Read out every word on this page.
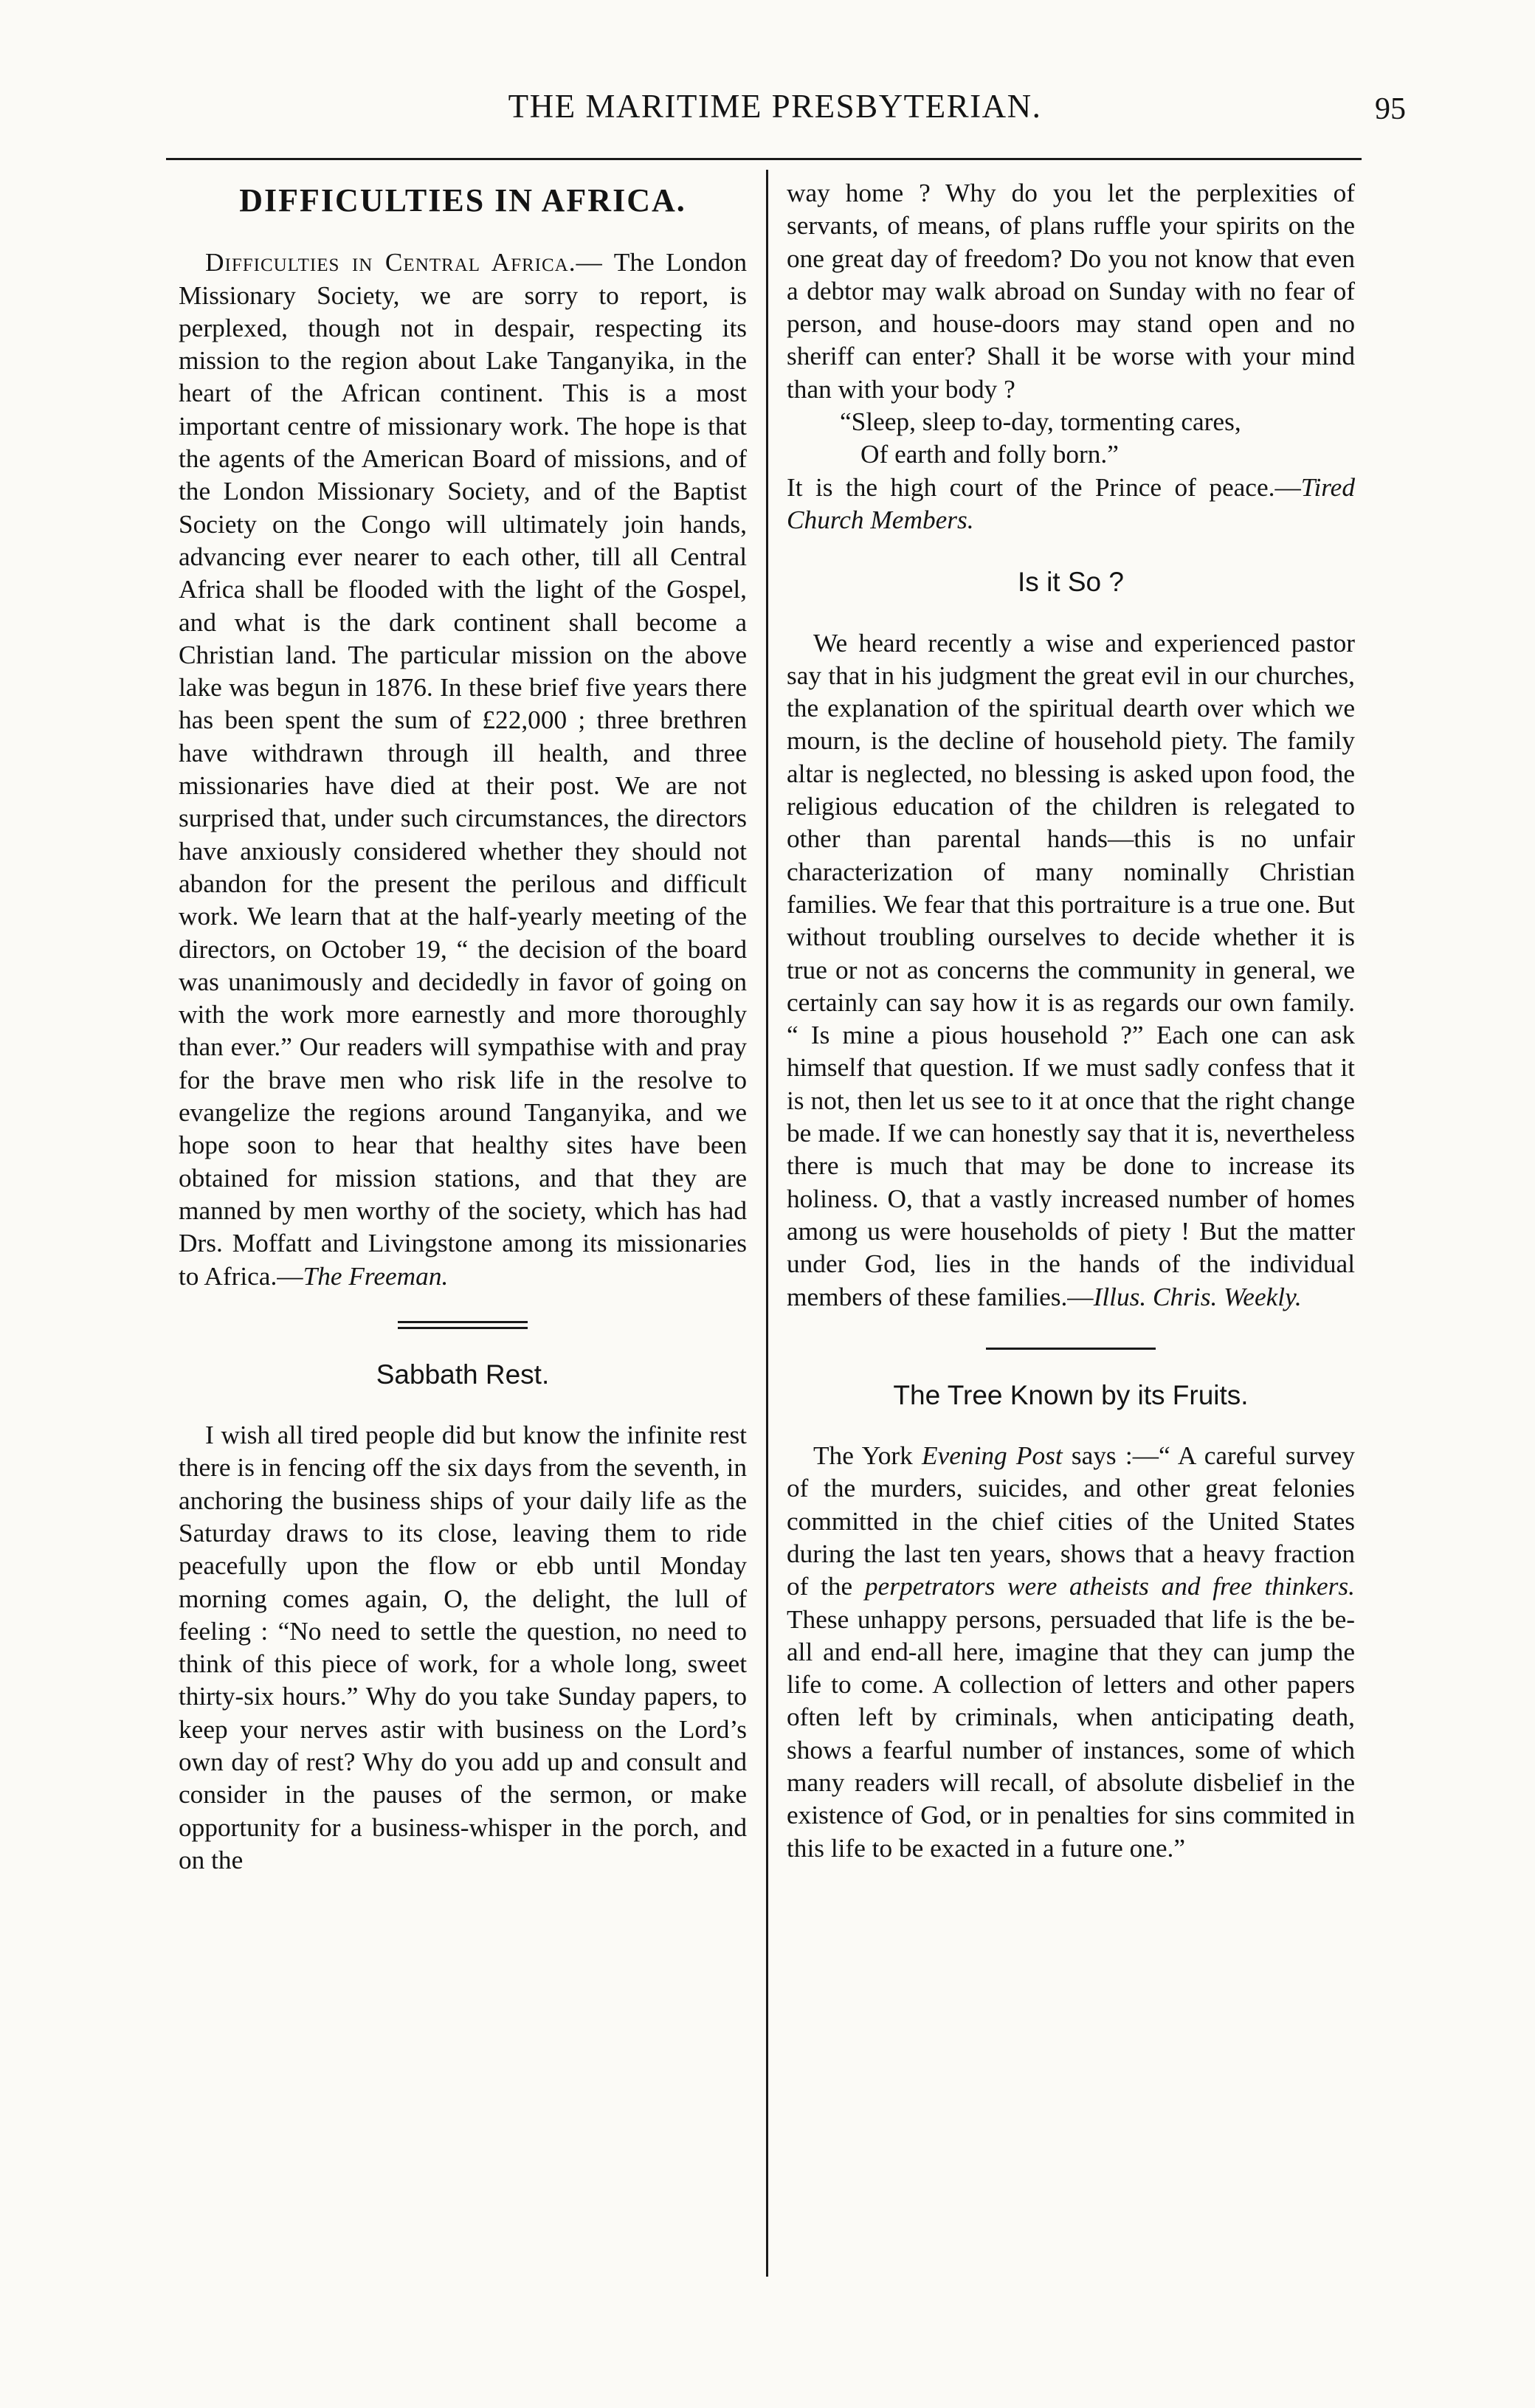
THE MARITIME PRESBYTERIAN.	95
DIFFICULTIES IN AFRICA.

Difficulties in Central Africa.— The London Missionary Society, we are sorry to report, is perplexed, though not in despair, respecting its mission to the region about Lake Tanganyika, in the heart of the African continent. This is a most important centre of missionary work. The hope is that the agents of the American Board of missions, and of the London Missionary Society, and of the Baptist Society on the Congo will ultimately join hands, advancing ever nearer to each other, till all Central Africa shall be flooded with the light of the Gospel, and what is the dark continent shall become a Christian land. The particular mission on the above lake was begun in 1876. In these brief five years there has been spent the sum of £22,000 ; three brethren have withdrawn through ill health, and three missionaries have died at their post. We are not surprised that, under such circumstances, the directors have anxiously considered whether they should not abandon for the present the perilous and difficult work. We learn that at the half-yearly meeting of the directors, on October 19, “ the decision of the board was unanimously and decidedly in favor of going on with the work more earnestly and more thoroughly than ever.” Our readers will sympathise with and pray for the brave men who risk life in the resolve to evangelize the regions around Tanganyika, and we hope soon to hear that healthy sites have been obtained for mission stations, and that they are manned by men worthy of the society, which has had Drs. Moffatt and Livingstone among its missionaries to Africa.—The Freeman.

Sabbath Rest.

I wish all tired people did but know the infinite rest there is in fencing off the six days from the seventh, in anchoring the business ships of your daily life as the Saturday draws to its close, leaving them to ride peacefully upon the flow or ebb until Monday morning comes again, O, the delight, the lull of feeling : “No need to settle the question, no need to think of this piece of work, for a whole long, sweet thirty-six hours.” Why do you take Sunday papers, to keep your nerves astir with business on the Lord’s own day of rest? Why do you add up and consult and consider in the pauses of the sermon, or make opportunity for a business-whisper in the porch, and on the

way home ? Why do you let the perplexities of servants, of means, of plans ruffle your spirits on the one great day of freedom? Do you not know that even a debtor may walk abroad on Sunday with no fear of person, and house-doors may stand open and no sheriff can enter? Shall it be worse with your mind than with your body ?

“Sleep, sleep to-day, tormenting cares,
Of earth and folly born.”

It is the high court of the Prince of peace.—Tired Church Members.

Is it So ?

We heard recently a wise and experienced pastor say that in his judgment the great evil in our churches, the explanation of the spiritual dearth over which we mourn, is the decline of household piety. The family altar is neglected, no blessing is asked upon food, the religious education of the children is relegated to other than parental hands—this is no unfair characterization of many nominally Christian families. We fear that this portraiture is a true one. But without troubling ourselves to decide whether it is true or not as concerns the community in general, we certainly can say how it is as regards our own family. “ Is mine a pious household ?” Each one can ask himself that question. If we must sadly confess that it is not, then let us see to it at once that the right change be made. If we can honestly say that it is, nevertheless there is much that may be done to increase its holiness. O, that a vastly increased number of homes among us were households of piety ! But the matter under God, lies in the hands of the individual members of these families.—Illus. Chris. Weekly.

The Tree Known by its Fruits.

The York Evening Post says :—“ A careful survey of the murders, suicides, and other great felonies committed in the chief cities of the United States during the last ten years, shows that a heavy fraction of the perpetrators were atheists and free thinkers. These unhappy persons, persuaded that life is the be-all and end-all here, imagine that they can jump the life to come. A collection of letters and other papers often left by criminals, when anticipating death, shows a fearful number of instances, some of which many readers will recall, of absolute disbelief in the existence of God, or in penalties for sins commited in this life to be exacted in a future one.”
